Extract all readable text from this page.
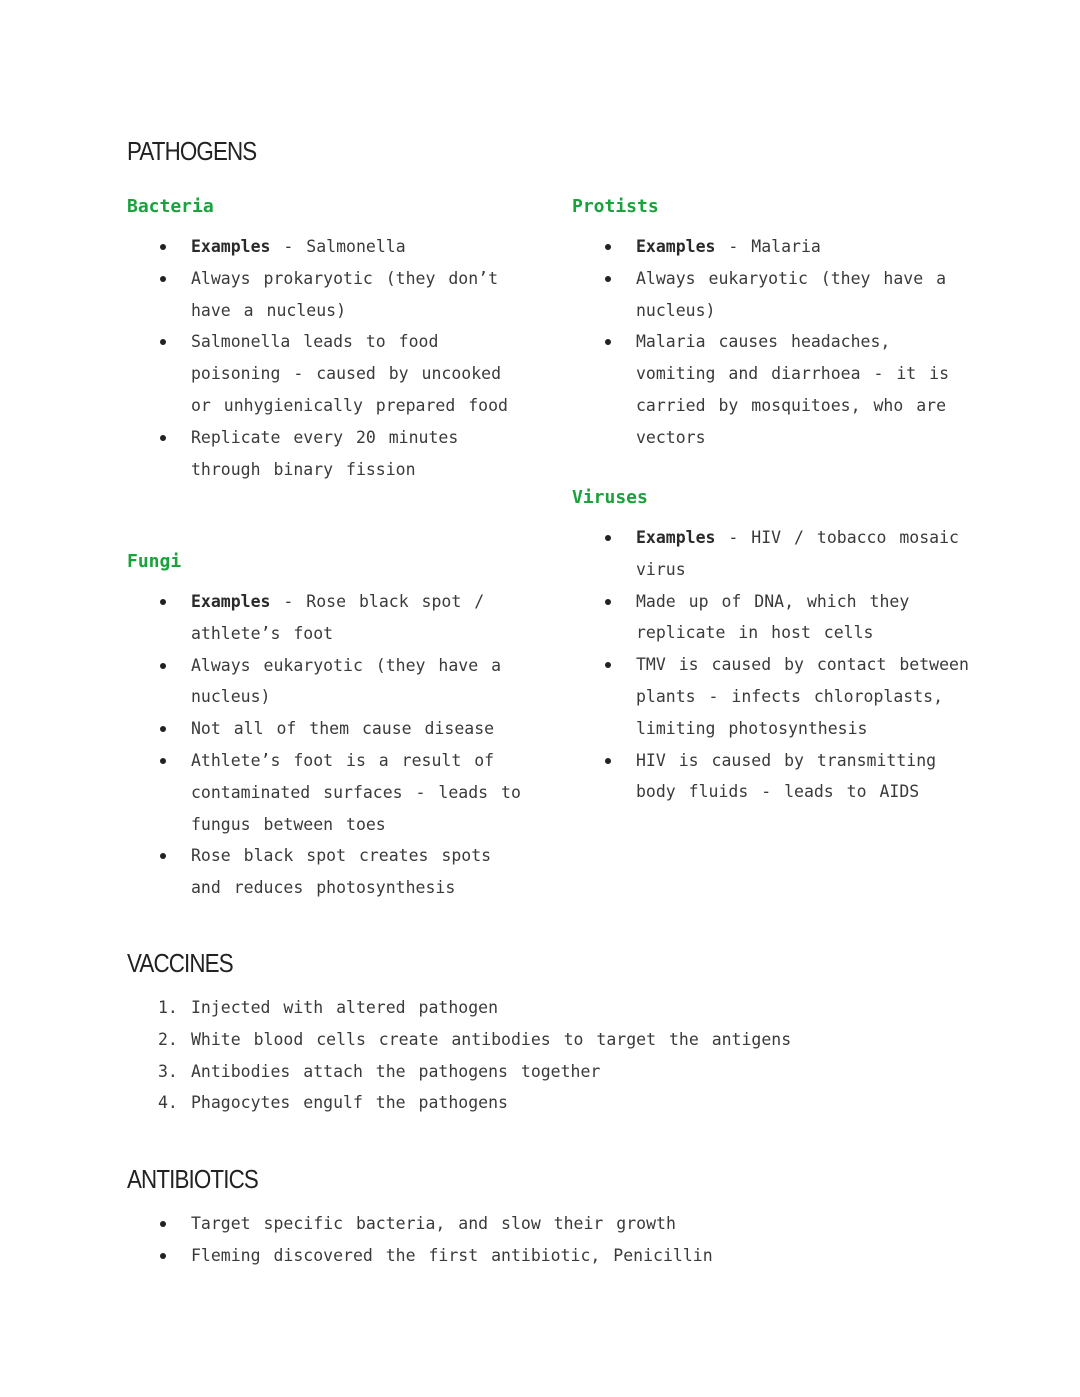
PATHOGENS
Bacteria
Examples - Salmonella
Always prokaryotic (they don’t have a nucleus)
Salmonella leads to food poisoning - caused by uncooked or unhygienically prepared food
Replicate every 20 minutes through binary fission
Fungi
Examples - Rose black spot / athlete’s foot
Always eukaryotic (they have a nucleus)
Not all of them cause disease
Athlete’s foot is a result of contaminated surfaces - leads to fungus between toes
Rose black spot creates spots and reduces photosynthesis
Protists
Examples - Malaria
Always eukaryotic (they have a nucleus)
Malaria causes headaches, vomiting and diarrhoea - it is carried by mosquitoes, who are vectors
Viruses
Examples - HIV / tobacco mosaic virus
Made up of DNA, which they replicate in host cells
TMV is caused by contact between plants - infects chloroplasts, limiting photosynthesis
HIV is caused by transmitting body fluids - leads to AIDS
VACCINES
1. Injected with altered pathogen
2. White blood cells create antibodies to target the antigens
3. Antibodies attach the pathogens together
4. Phagocytes engulf the pathogens
ANTIBIOTICS
Target specific bacteria, and slow their growth
Fleming discovered the first antibiotic, Penicillin
